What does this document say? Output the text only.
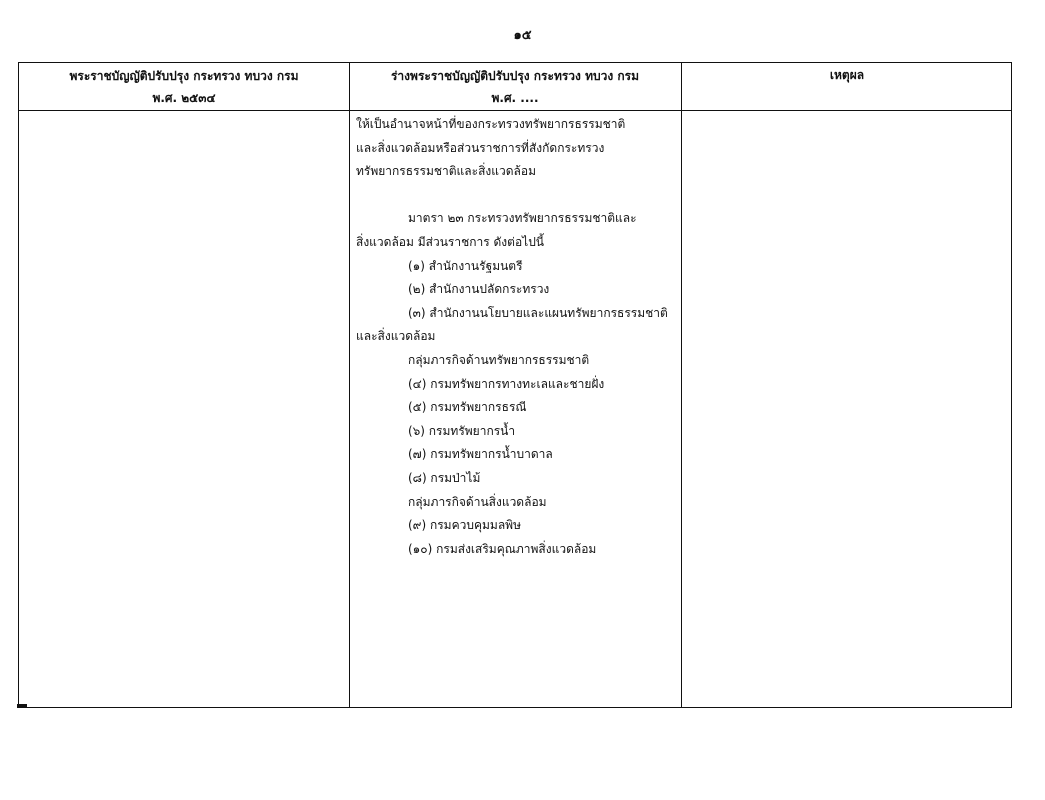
๑๕
พระราชบัญญัติปรับปรุง กระทรวง ทบวง กรม
พ.ศ. ๒๕๓๔
ร่างพระราชบัญญัติปรับปรุง กระทรวง ทบวง กรม
พ.ศ. ....
เหตุผล
ให้เป็นอำนาจหน้าที่ของกระทรวงทรัพยากรธรรมชาติ
และสิ่งแวดล้อมหรือส่วนราชการที่สังกัดกระทรวง
ทรัพยากรธรรมชาติและสิ่งแวดล้อม
มาตรา ๒๓ กระทรวงทรัพยากรธรรมชาติและ
สิ่งแวดล้อม มีส่วนราชการ ดังต่อไปนี้
(๑) สำนักงานรัฐมนตรี
(๒) สำนักงานปลัดกระทรวง
(๓) สำนักงานนโยบายและแผนทรัพยากรธรรมชาติ
และสิ่งแวดล้อม
กลุ่มภารกิจด้านทรัพยากรธรรมชาติ
(๔) กรมทรัพยากรทางทะเลและชายฝั่ง
(๕) กรมทรัพยากรธรณี
(๖) กรมทรัพยากรน้ำ
(๗) กรมทรัพยากรน้ำบาดาล
(๘) กรมป่าไม้
กลุ่มภารกิจด้านสิ่งแวดล้อม
(๙) กรมควบคุมมลพิษ
(๑๐) กรมส่งเสริมคุณภาพสิ่งแวดล้อม
